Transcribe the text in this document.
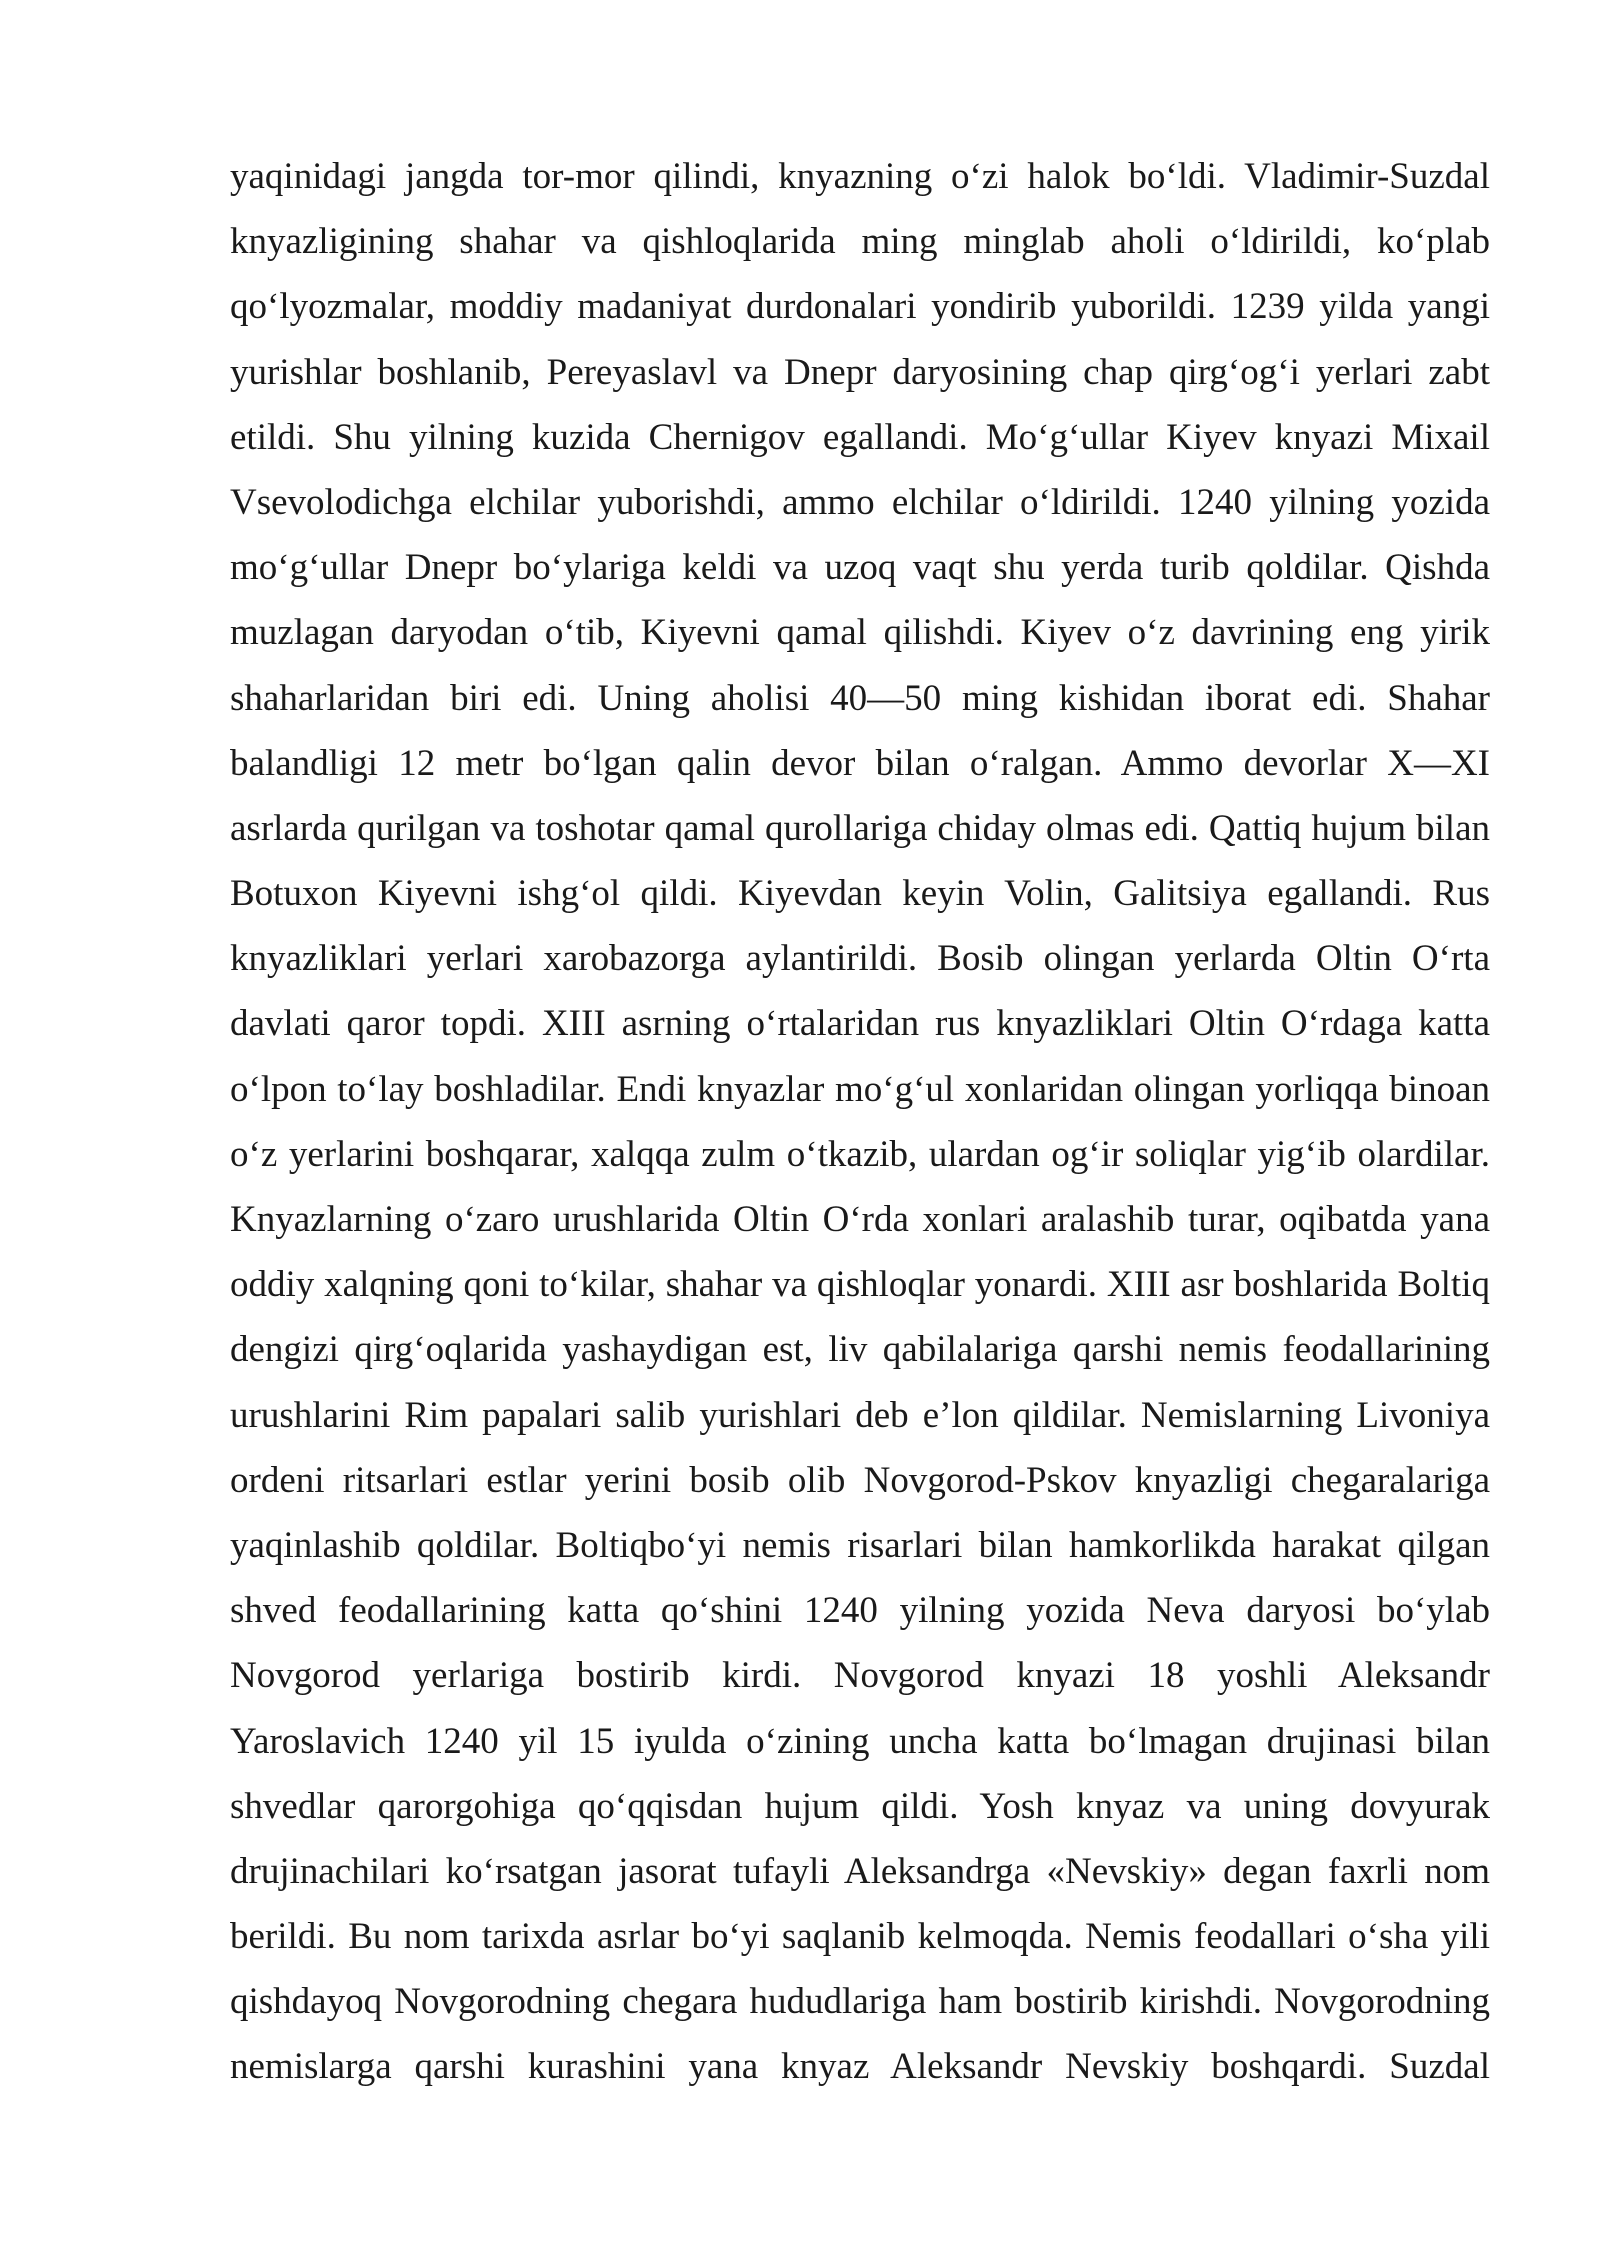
yaqinidagi jangda tor-mor qilindi, knyazning o‘zi halok bo‘ldi. Vladimir-Suzdal
knyazligining shahar va qishloqlarida ming minglab aholi o‘ldirildi, ko‘plab
qo‘lyozmalar, moddiy madaniyat durdonalari yondirib yuborildi. 1239 yilda yangi
yurishlar boshlanib, Pereyaslavl va Dnepr daryosining chap qirg‘og‘i yerlari zabt
etildi. Shu yilning kuzida Chernigov egallandi. Mo‘g‘ullar Kiyev knyazi Mixail
Vsevolodichga elchilar yuborishdi, ammo elchilar o‘ldirildi. 1240 yilning yozida
mo‘g‘ullar Dnepr bo‘ylariga keldi va uzoq vaqt shu yerda turib qoldilar. Qishda
muzlagan daryodan o‘tib, Kiyevni qamal qilishdi. Kiyev o‘z davrining eng yirik
shaharlaridan biri edi. Uning aholisi 40—50 ming kishidan iborat edi. Shahar
balandligi 12 metr bo‘lgan qalin devor bilan o‘ralgan. Ammo devorlar X—XI
asrlarda qurilgan va toshotar qamal qurollariga chiday olmas edi. Qattiq hujum bilan
Botuxon Kiyevni ishg‘ol qildi. Kiyevdan keyin Volin, Galitsiya egallandi. Rus
knyazliklari yerlari xarobazorga aylantirildi. Bosib olingan yerlarda Oltin O‘rta
davlati qaror topdi. XIII asrning o‘rtalaridan rus knyazliklari Oltin O‘rdaga katta
o‘lpon to‘lay boshladilar. Endi knyazlar mo‘g‘ul xonlaridan olingan yorliqqa binoan
o‘z yerlarini boshqarar, xalqqa zulm o‘tkazib, ulardan og‘ir soliqlar yig‘ib olardilar.
Knyazlarning o‘zaro urushlarida Oltin O‘rda xonlari aralashib turar, oqibatda yana
oddiy xalqning qoni to‘kilar, shahar va qishloqlar yonardi. XIII asr boshlarida Boltiq
dengizi qirg‘oqlarida yashaydigan est, liv qabilalariga qarshi nemis feodallarining
urushlarini Rim papalari salib yurishlari deb e’lon qildilar. Nemislarning Livoniya
ordeni ritsarlari estlar yerini bosib olib Novgorod-Pskov knyazligi chegaralariga
yaqinlashib qoldilar. Boltiqbo‘yi nemis risarlari bilan hamkorlikda harakat qilgan
shved feodallarining katta qo‘shini 1240 yilning yozida Neva daryosi bo‘ylab
Novgorod yerlariga bostirib kirdi. Novgorod knyazi 18 yoshli Aleksandr
Yaroslavich 1240 yil 15 iyulda o‘zining uncha katta bo‘lmagan drujinasi bilan
shvedlar qarorgohiga qo‘qqisdan hujum qildi. Yosh knyaz va uning dovyurak
drujinachilari ko‘rsatgan jasorat tufayli Aleksandrga «Nevskiy» degan faxrli nom
berildi. Bu nom tarixda asrlar bo‘yi saqlanib kelmoqda. Nemis feodallari o‘sha yili
qishdayoq Novgorodning chegara hududlariga ham bostirib kirishdi. Novgorodning
nemislarga qarshi kurashini yana knyaz Aleksandr Nevskiy boshqardi. Suzdal
